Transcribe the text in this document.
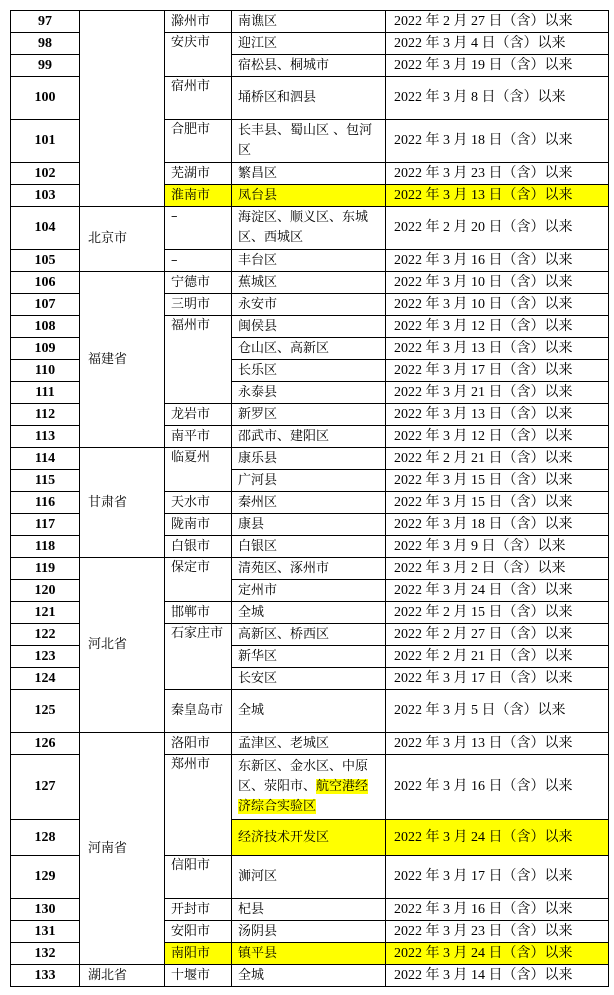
97		滁州市	南谯区	2022 年 2 月 27 日（含）以来
98		安庆市	迎江区	2022 年 3 月 4 日（含）以来
99			宿松县、桐城市	2022 年 3 月 19 日（含）以来
100		宿州市	埇桥区和泗县	2022 年 3 月 8 日（含）以来
101		合肥市	长丰县、蜀山区 、包河区	2022 年 3 月 18 日（含）以来
102		芜湖市	繁昌区	2022 年 3 月 23 日（含）以来
103		淮南市	凤台县	2022 年 3 月 13 日（含）以来
104	北京市	–	海淀区、顺义区、东城区、西城区	2022 年 2 月 20 日（含）以来
105		–	丰台区	2022 年 3 月 16 日（含）以来
106	福建省	宁德市	蕉城区	2022 年 3 月 10 日（含）以来
107		三明市	永安市	2022 年 3 月 10 日（含）以来
108		福州市	闽侯县	2022 年 3 月 12 日（含）以来
109			仓山区、高新区	2022 年 3 月 13 日（含）以来
110			长乐区	2022 年 3 月 17 日（含）以来
111			永泰县	2022 年 3 月 21 日（含）以来
112		龙岩市	新罗区	2022 年 3 月 13 日（含）以来
113		南平市	邵武市、建阳区	2022 年 3 月 12 日（含）以来
114	甘肃省	临夏州	康乐县	2022 年 2 月 21 日（含）以来
115			广河县	2022 年 3 月 15 日（含）以来
116		天水市	秦州区	2022 年 3 月 15 日（含）以来
117		陇南市	康县	2022 年 3 月 18 日（含）以来
118		白银市	白银区	2022 年 3 月 9 日（含）以来
119	河北省	保定市	清苑区、涿州市	2022 年 3 月 2 日（含）以来
120			定州市	2022 年 3 月 24 日（含）以来
121		邯郸市	全城	2022 年 2 月 15 日（含）以来
122		石家庄市	高新区、桥西区	2022 年 2 月 27 日（含）以来
123			新华区	2022 年 2 月 21 日（含）以来
124			长安区	2022 年 3 月 17 日（含）以来
125		秦皇岛市	全城	2022 年 3 月 5 日（含）以来
126	河南省	洛阳市	孟津区、老城区	2022 年 3 月 13 日（含）以来
127		郑州市	东新区、金水区、中原区、荥阳市、航空港经济综合实验区	2022 年 3 月 16 日（含）以来
128			经济技术开发区	2022 年 3 月 24 日（含）以来
129		信阳市	浉河区	2022 年 3 月 17 日（含）以来
130		开封市	杞县	2022 年 3 月 16 日（含）以来
131		安阳市	汤阴县	2022 年 3 月 23 日（含）以来
132		南阳市	镇平县	2022 年 3 月 24 日（含）以来
133	湖北省	十堰市	全城	2022 年 3 月 14 日（含）以来
